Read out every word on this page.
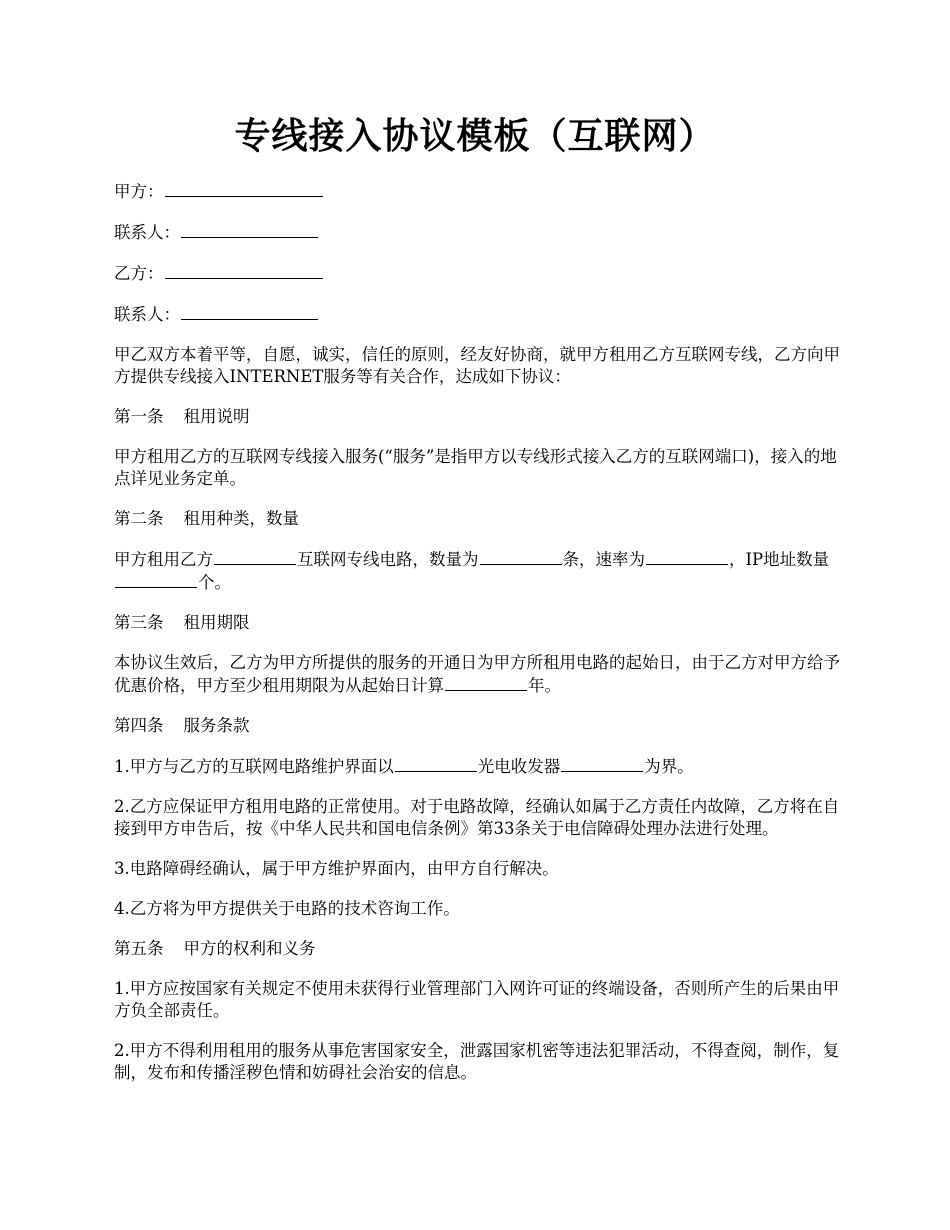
专线接入协议模板（互联网）

甲方：

联系人：

乙方：

联系人：

甲乙双方本着平等，自愿，诚实，信任的原则，经友好协商，就甲方租用乙方互联网专线，乙方向甲方提供专线接入INTERNET服务等有关合作，达成如下协议：

第一条 租用说明

甲方租用乙方的互联网专线接入服务(“服务”是指甲方以专线形式接入乙方的互联网端口)，接入的地点详见业务定单。

第二条 租用种类，数量

甲方租用乙方	互联网专线电路，数量为	条，速率为	，IP地址数量个。

第三条 租用期限

本协议生效后，乙方为甲方所提供的服务的开通日为甲方所租用电路的起始日，由于乙方对甲方给予优惠价格，甲方至少租用期限为从起始日计算	年。

第四条 服务条款

1.甲方与乙方的互联网电路维护界面以	光电收发器	为界。

2.乙方应保证甲方租用电路的正常使用。对于电路故障，经确认如属于乙方责任内故障，乙方将在自接到甲方申告后，按《中华人民共和国电信条例》第33条关于电信障碍处理办法进行处理。

3.电路障碍经确认，属于甲方维护界面内，由甲方自行解决。

4.乙方将为甲方提供关于电路的技术咨询工作。

第五条 甲方的权利和义务

1.甲方应按国家有关规定不使用未获得行业管理部门入网许可证的终端设备，否则所产生的后果由甲方负全部责任。

2.甲方不得利用租用的服务从事危害国家安全，泄露国家机密等违法犯罪活动，不得查阅，制作，复制，发布和传播淫秽色情和妨碍社会治安的信息。
